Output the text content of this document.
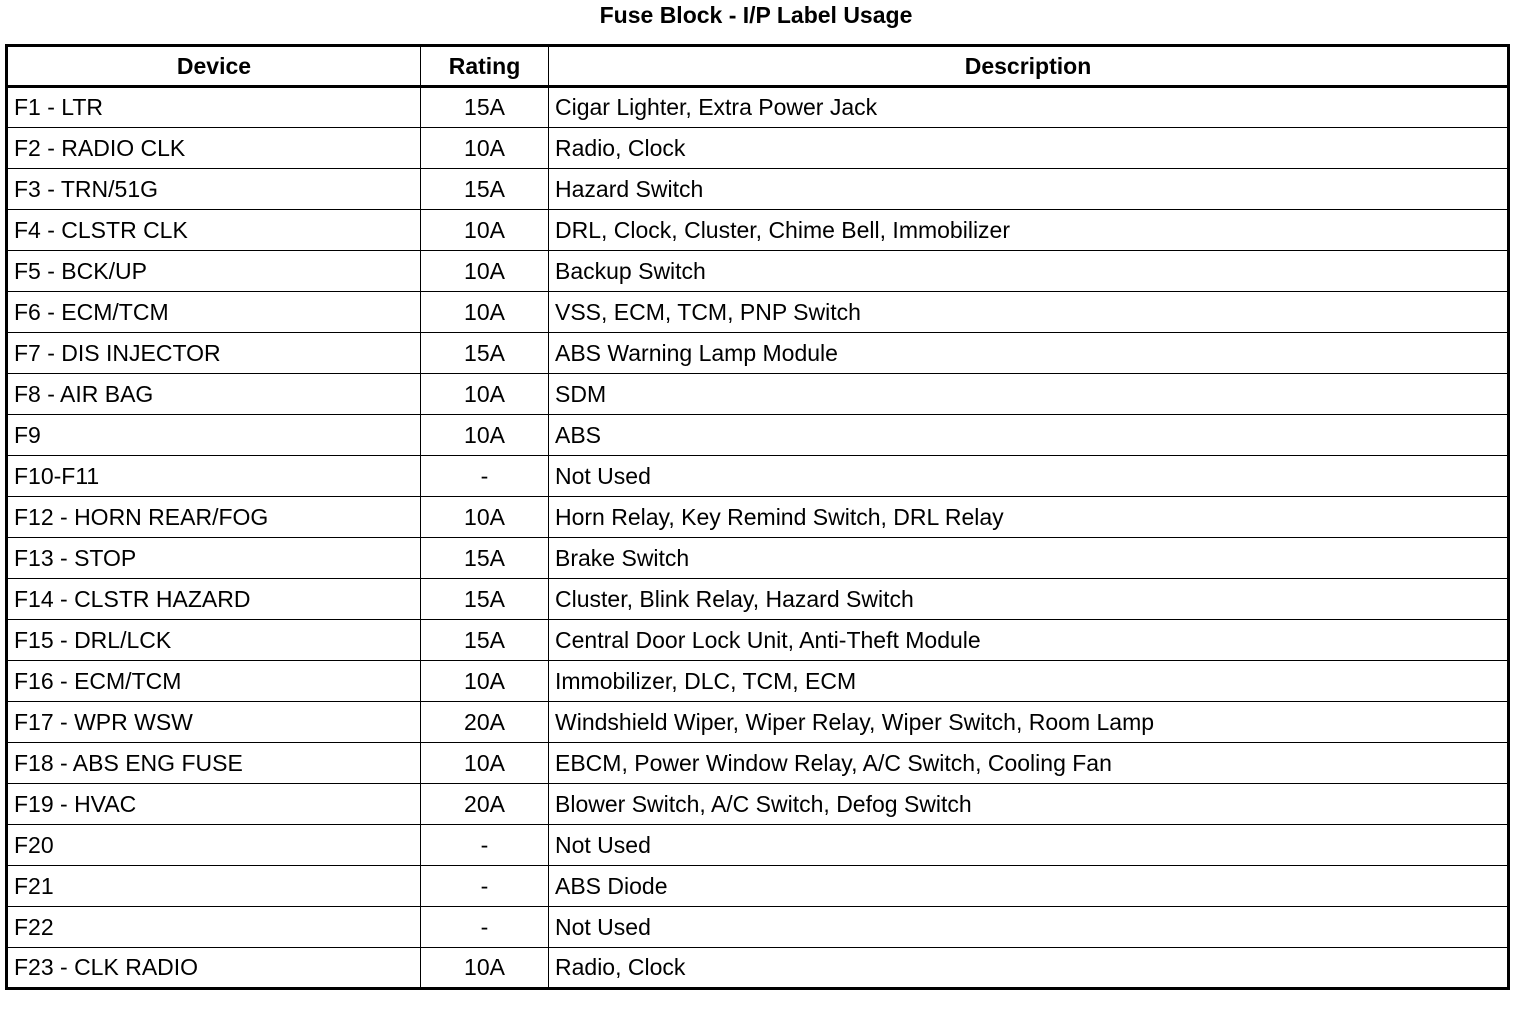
Fuse Block - I/P Label Usage
Device	Rating	Description
F1 - LTR	15A	Cigar Lighter, Extra Power Jack
F2 - RADIO CLK	10A	Radio, Clock
F3 - TRN/51G	15A	Hazard Switch
F4 - CLSTR CLK	10A	DRL, Clock, Cluster, Chime Bell, Immobilizer
F5 - BCK/UP	10A	Backup Switch
F6 - ECM/TCM	10A	VSS, ECM, TCM, PNP Switch
F7 - DIS INJECTOR	15A	ABS Warning Lamp Module
F8 - AIR BAG	10A	SDM
F9	10A	ABS
F10-F11	-	Not Used
F12 - HORN REAR/FOG	10A	Horn Relay, Key Remind Switch, DRL Relay
F13 - STOP	15A	Brake Switch
F14 - CLSTR HAZARD	15A	Cluster, Blink Relay, Hazard Switch
F15 - DRL/LCK	15A	Central Door Lock Unit, Anti-Theft Module
F16 - ECM/TCM	10A	Immobilizer, DLC, TCM, ECM
F17 - WPR WSW	20A	Windshield Wiper, Wiper Relay, Wiper Switch, Room Lamp
F18 - ABS ENG FUSE	10A	EBCM, Power Window Relay, A/C Switch, Cooling Fan
F19 - HVAC	20A	Blower Switch, A/C Switch, Defog Switch
F20	-	Not Used
F21	-	ABS Diode
F22	-	Not Used
F23 - CLK RADIO	10A	Radio, Clock
